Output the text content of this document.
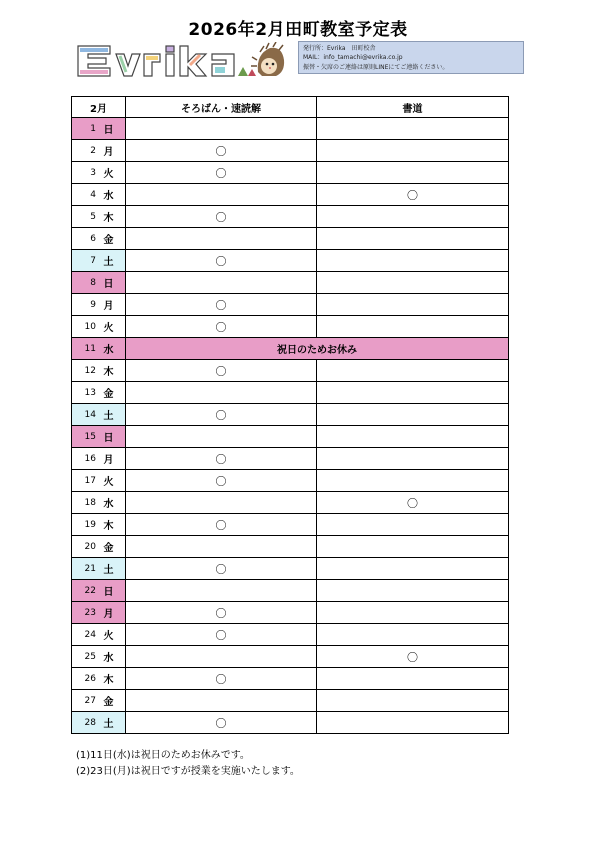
2026年2月田町教室予定表
発行所：Evrika　田町校舎
MAIL：info_tamachi@evrika.co.jp
振替・欠席のご連絡は原則LINEにてご連絡ください。
2月	そろばん・速読解	書道

1 日		

2 月	〇	

3 火	〇	

4 水		〇

5 木	〇	

6 金		

7 土	〇	

8 日		

9 月	〇	

10 火	〇	

11 水	祝日のためお休み	

12 木	〇	

13 金		

14 土	〇	

15 日		

16 月	〇	

17 火	〇	

18 水		〇

19 木	〇	

20 金		

21 土	〇	

22 日		

23 月	〇	

24 火	〇	

25 水		〇

26 木	〇	

27 金		

28 土	〇	
(1)11日(水)は祝日のためお休みです。
(2)23日(月)は祝日ですが授業を実施いたします。
